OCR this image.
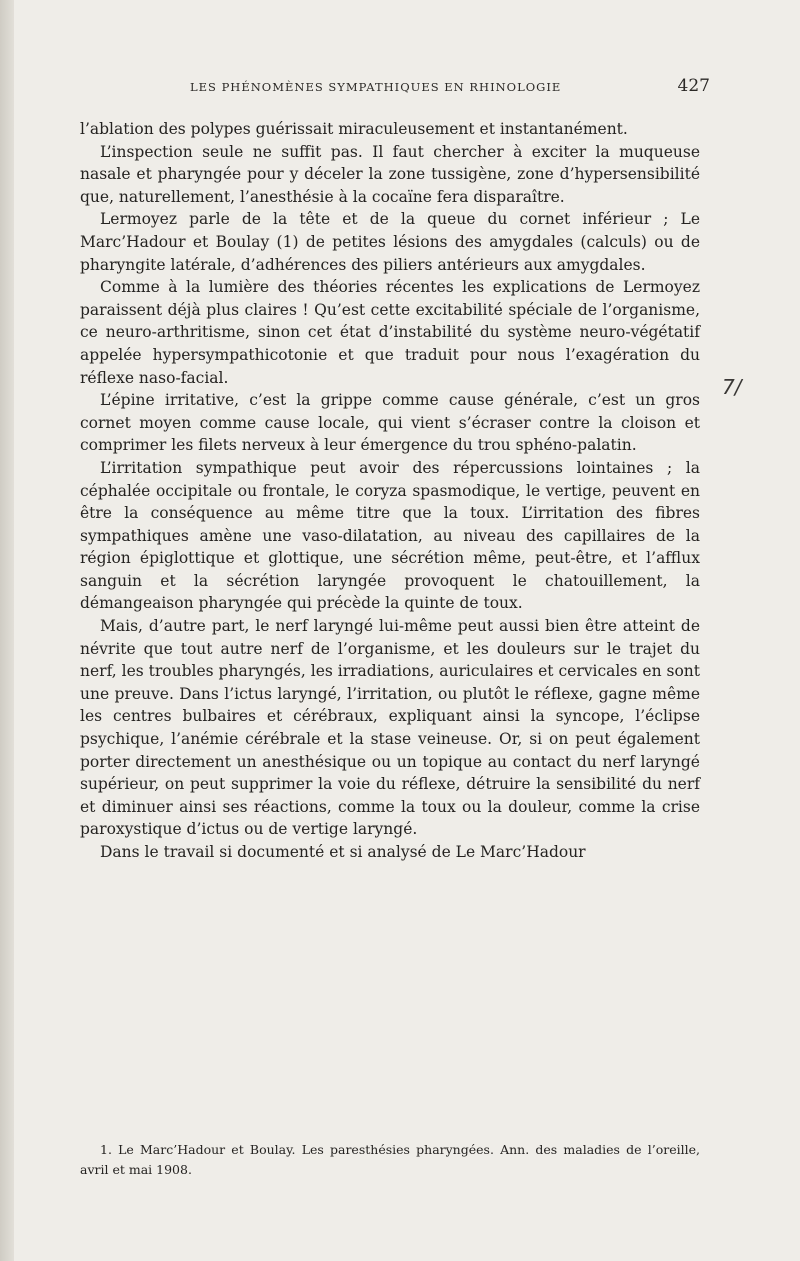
LES PHÉNOMÈNES SYMPATHIQUES EN RHINOLOGIE	427

l’ablation des polypes guérissait miraculeusement et instantanément.

L’inspection seule ne suffit pas. Il faut chercher à exciter la muqueuse nasale et pharyngée pour y déceler la zone tussigène, zone d’hypersensibilité que, naturellement, l’anesthésie à la cocaïne fera disparaître.

Lermoyez parle de la tête et de la queue du cornet inférieur ; Le Marc’Hadour et Boulay (1) de petites lésions des amygdales (calculs) ou de pharyngite latérale, d’adhérences des piliers antérieurs aux amygdales.

Comme à la lumière des théories récentes les explications de Lermoyez paraissent déjà plus claires ! Qu’est cette excitabilité spéciale de l’organisme, ce neuro-arthritisme, sinon cet état d’instabilité du système neuro-végétatif appelée hypersympathicotonie et que traduit pour nous l’exagération du réflexe naso-facial.

L’épine irritative, c’est la grippe comme cause générale, c’est un gros cornet moyen comme cause locale, qui vient s’écraser contre la cloison et comprimer les filets nerveux à leur émergence du trou sphéno-palatin.

L’irritation sympathique peut avoir des répercussions lointaines ; la céphalée occipitale ou frontale, le coryza spasmodique, le vertige, peuvent en être la conséquence au même titre que la toux. L’irritation des fibres sympathiques amène une vaso-dilatation, au niveau des capillaires de la région épiglottique et glottique, une sécrétion même, peut-être, et l’afflux sanguin et la sécrétion laryngée provoquent le chatouillement, la démangeaison pharyngée qui précède la quinte de toux.

Mais, d’autre part, le nerf laryngé lui-même peut aussi bien être atteint de névrite que tout autre nerf de l’organisme, et les douleurs sur le trajet du nerf, les troubles pharyngés, les irradiations, auriculaires et cervicales en sont une preuve. Dans l’ictus laryngé, l’irritation, ou plutôt le réflexe, gagne même les centres bulbaires et cérébraux, expliquant ainsi la syncope, l’éclipse psychique, l’anémie cérébrale et la stase veineuse. Or, si on peut également porter directement un anesthésique ou un topique au contact du nerf laryngé supérieur, on peut supprimer la voie du réflexe, détruire la sensibilité du nerf et diminuer ainsi ses réactions, comme la toux ou la douleur, comme la crise paroxystique d’ictus ou de vertige laryngé.

Dans le travail si documenté et si analysé de Le Marc’Hadour

7/
1. Le Marc’Hadour et Boulay. Les paresthésies pharyngées. Ann. des maladies de l’oreille, avril et mai 1908.
